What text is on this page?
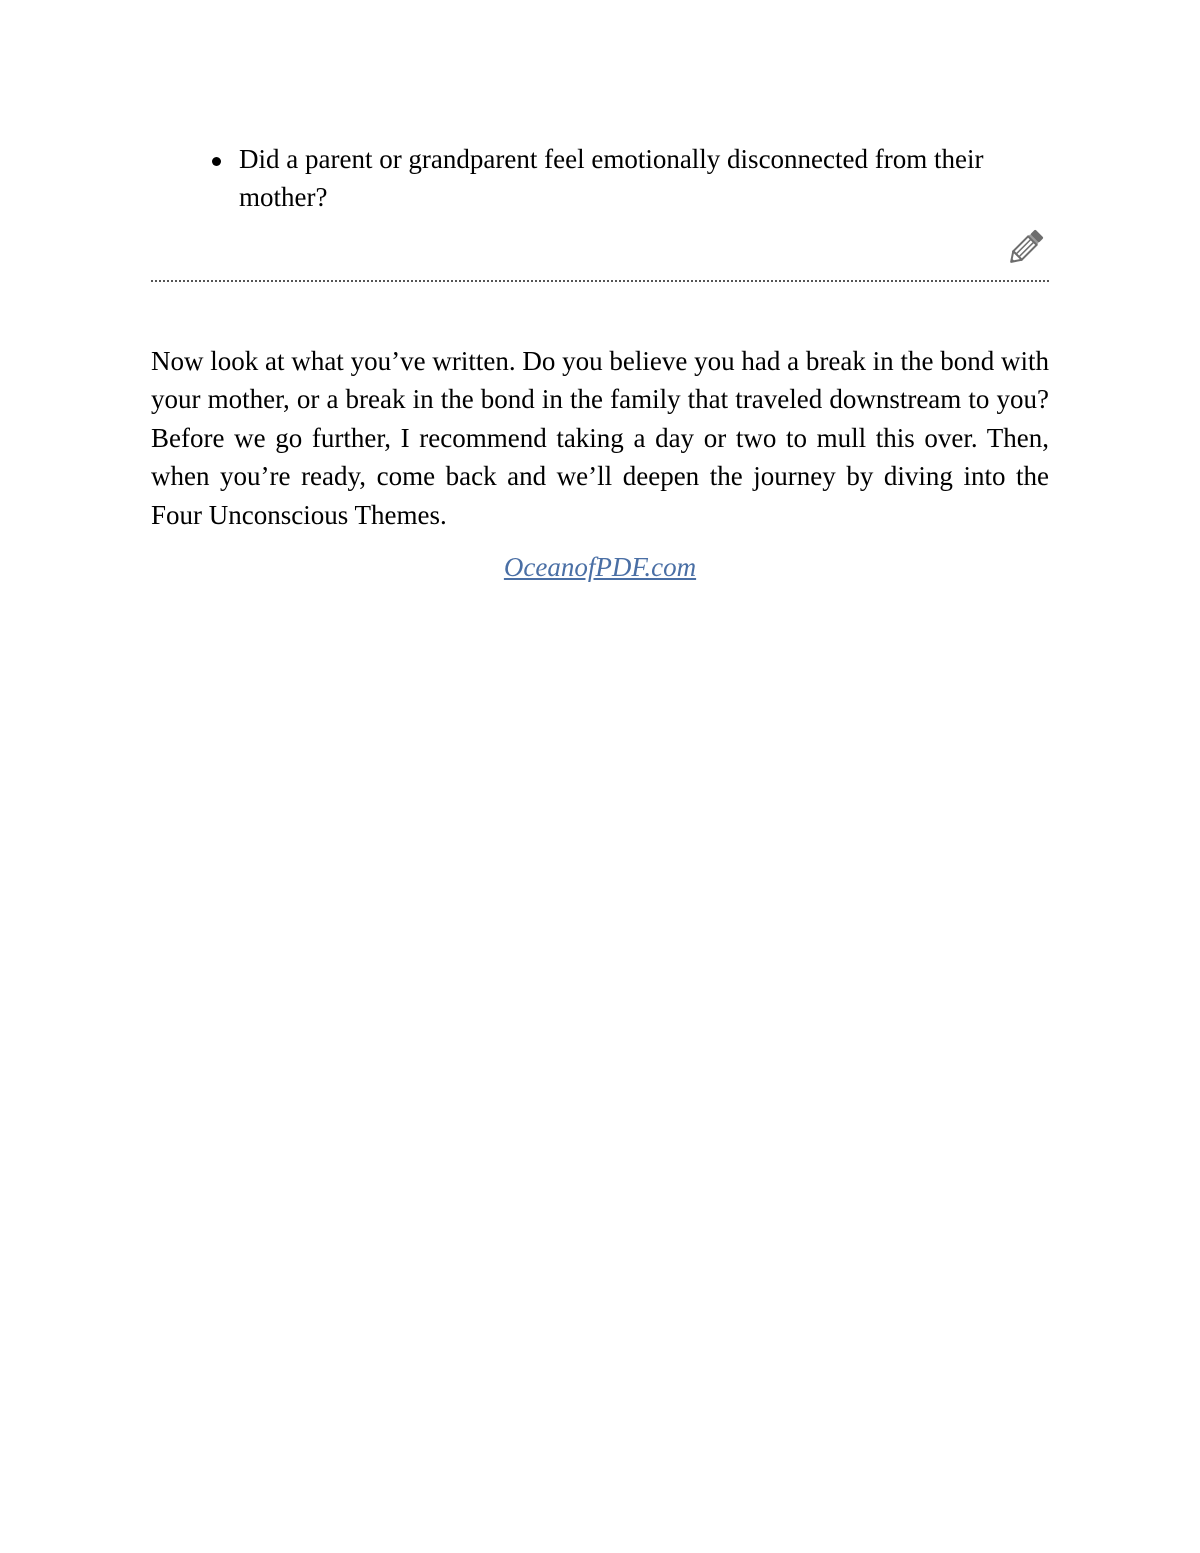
Did a parent or grandparent feel emotionally disconnected from their mother?

Now look at what you’ve written. Do you believe you had a break in the bond with your mother, or a break in the bond in the family that traveled downstream to you? Before we go further, I recommend taking a day or two to mull this over. Then, when you’re ready, come back and we’ll deepen the journey by diving into the Four Unconscious Themes.

OceanofPDF.com
